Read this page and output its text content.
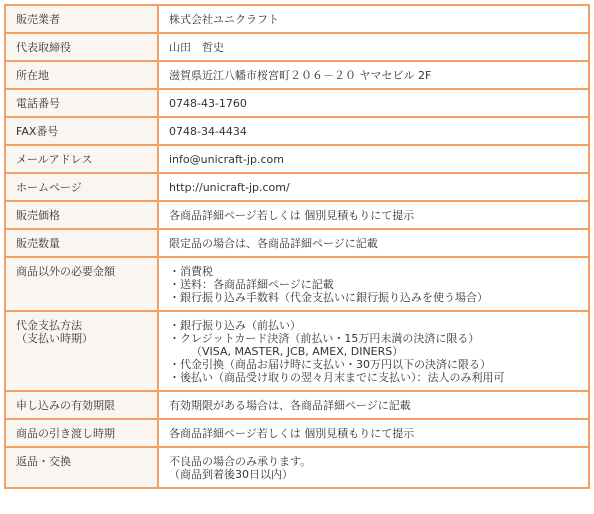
販売業者	株式会社ユニクラフト

代表取締役	山田　哲史

所在地	滋賀県近江八幡市桜宮町２０６－２０ ヤマセビル 2F

電話番号	0748-43-1760

FAX番号	0748-34-4434

メールアドレス	info@unicraft-jp.com

ホームページ	http://unicraft-jp.com/

販売価格	各商品詳細ページ若しくは 個別見積もりにて提示

販売数量	限定品の場合は、各商品詳細ページに記載

商品以外の必要金額	・消費税
・送料：各商品詳細ページに記載
・銀行振り込み手数料（代金支払いに銀行振り込みを使う場合）

代金支払方法
（支払い時期）	・銀行振り込み（前払い）
・クレジットカード決済（前払い・15万円未満の決済に限る）
（VISA, MASTER, JCB, AMEX, DINERS）
・代金引換（商品お届け時に支払い・30万円以下の決済に限る）
・後払い（商品受け取りの翌々月末までに支払い）：法人のみ利用可

申し込みの有効期限	有効期限がある場合は、各商品詳細ページに記載

商品の引き渡し時期	各商品詳細ページ若しくは 個別見積もりにて提示

返品・交換	不良品の場合のみ承ります。
（商品到着後30日以内）
